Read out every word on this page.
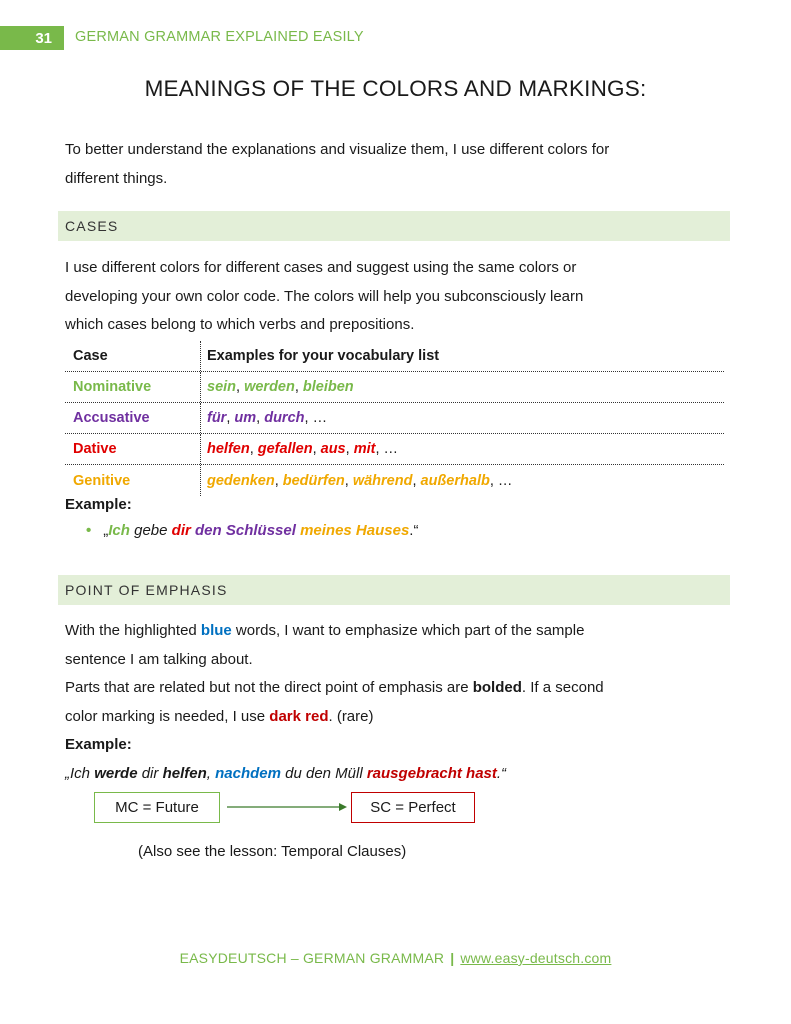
31	GERMAN GRAMMAR EXPLAINED EASILY
MEANINGS OF THE COLORS AND MARKINGS:
To better understand the explanations and visualize them, I use different colors for
different things.
CASES
I use different colors for different cases and suggest using the same colors or
developing your own color code. The colors will help you subconsciously learn
which cases belong to which verbs and prepositions.
Case	Examples for your vocabulary list
Nominative	sein , werden , bleiben
Accusative	für , um , durch , …
Dative	helfen , gefallen , aus , mit , …
Genitive	gedenken , bedürfen , während , außerhalb , …
Example:
• „Ich gebe dir den Schlüssel meines Hauses.“
POINT OF EMPHASIS
With the highlighted blue words, I want to emphasize which part of the sample
sentence I am talking about.
Parts that are related but not the direct point of emphasis are bolded. If a second
color marking is needed, I use dark red. (rare)
Example:
„Ich werde dir helfen, nachdem du den Müll rausgebracht hast.“
MC = Future	SC = Perfect
(Also see the lesson: Temporal Clauses)
EASYDEUTSCH – GERMAN GRAMMAR | www.easy-deutsch.com
